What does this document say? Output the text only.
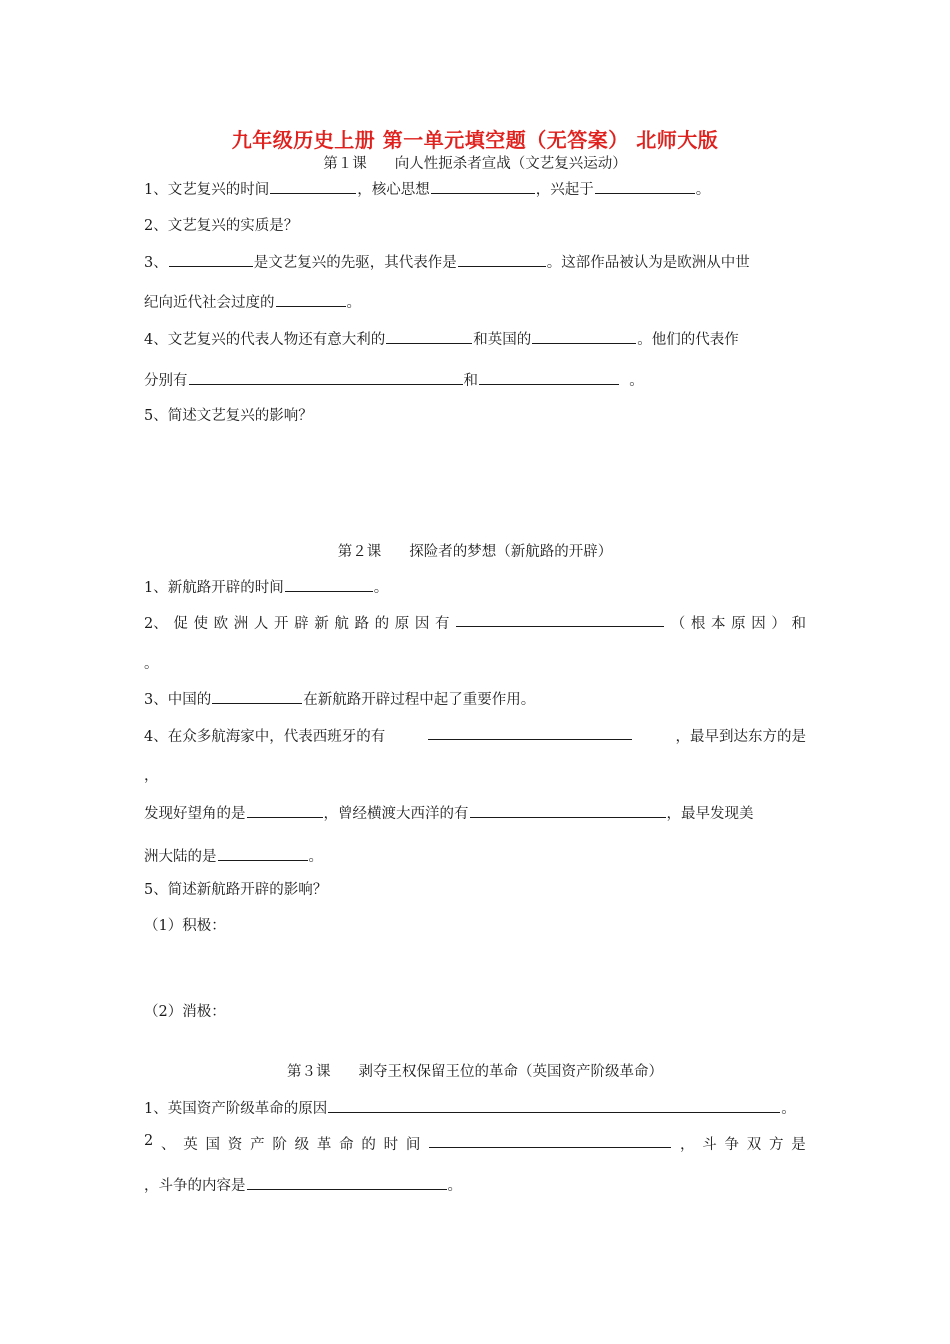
九年级历史上册 第一单元填空题（无答案） 北师大版
第１课 向人性扼杀者宣战（文艺复兴运动）
1、文艺复兴的时间	，核心思想	，兴起于	。
2、文艺复兴的实质是？
3、	是文艺复兴的先驱，其代表作是	。这部作品被认为是欧洲从中世
纪向近代社会过度的	。
4、文艺复兴的代表人物还有意大利的	和英国的	。他们的代表作
分别有	和	。
5、简述文艺复兴的影响？
第２课 探险者的梦想（新航路的开辟）
1、新航路开辟的时间	。
2、 促 使 欧 洲 人 开 辟 新 航 路 的 原 因 有	（ 根 本 原 因 ） 和
。
3、中国的	在新航路开辟过程中起了重要作用。
4、在众多航海家中，代表西班牙的有	，最早到达东方的是
，
发现好望角的是	，曾经横渡大西洋的有	，最早发现美
洲大陆的是	。
5、简述新航路开辟的影响？
（1）积极：
（2）消极：
第３课 剥夺王权保留王位的革命（英国资产阶级革命）
1、英国资产阶级革命的原因	。
2 、 英 国 资 产 阶 级 革 命 的 时 间	， 斗 争 双 方 是
，斗争的内容是	。
